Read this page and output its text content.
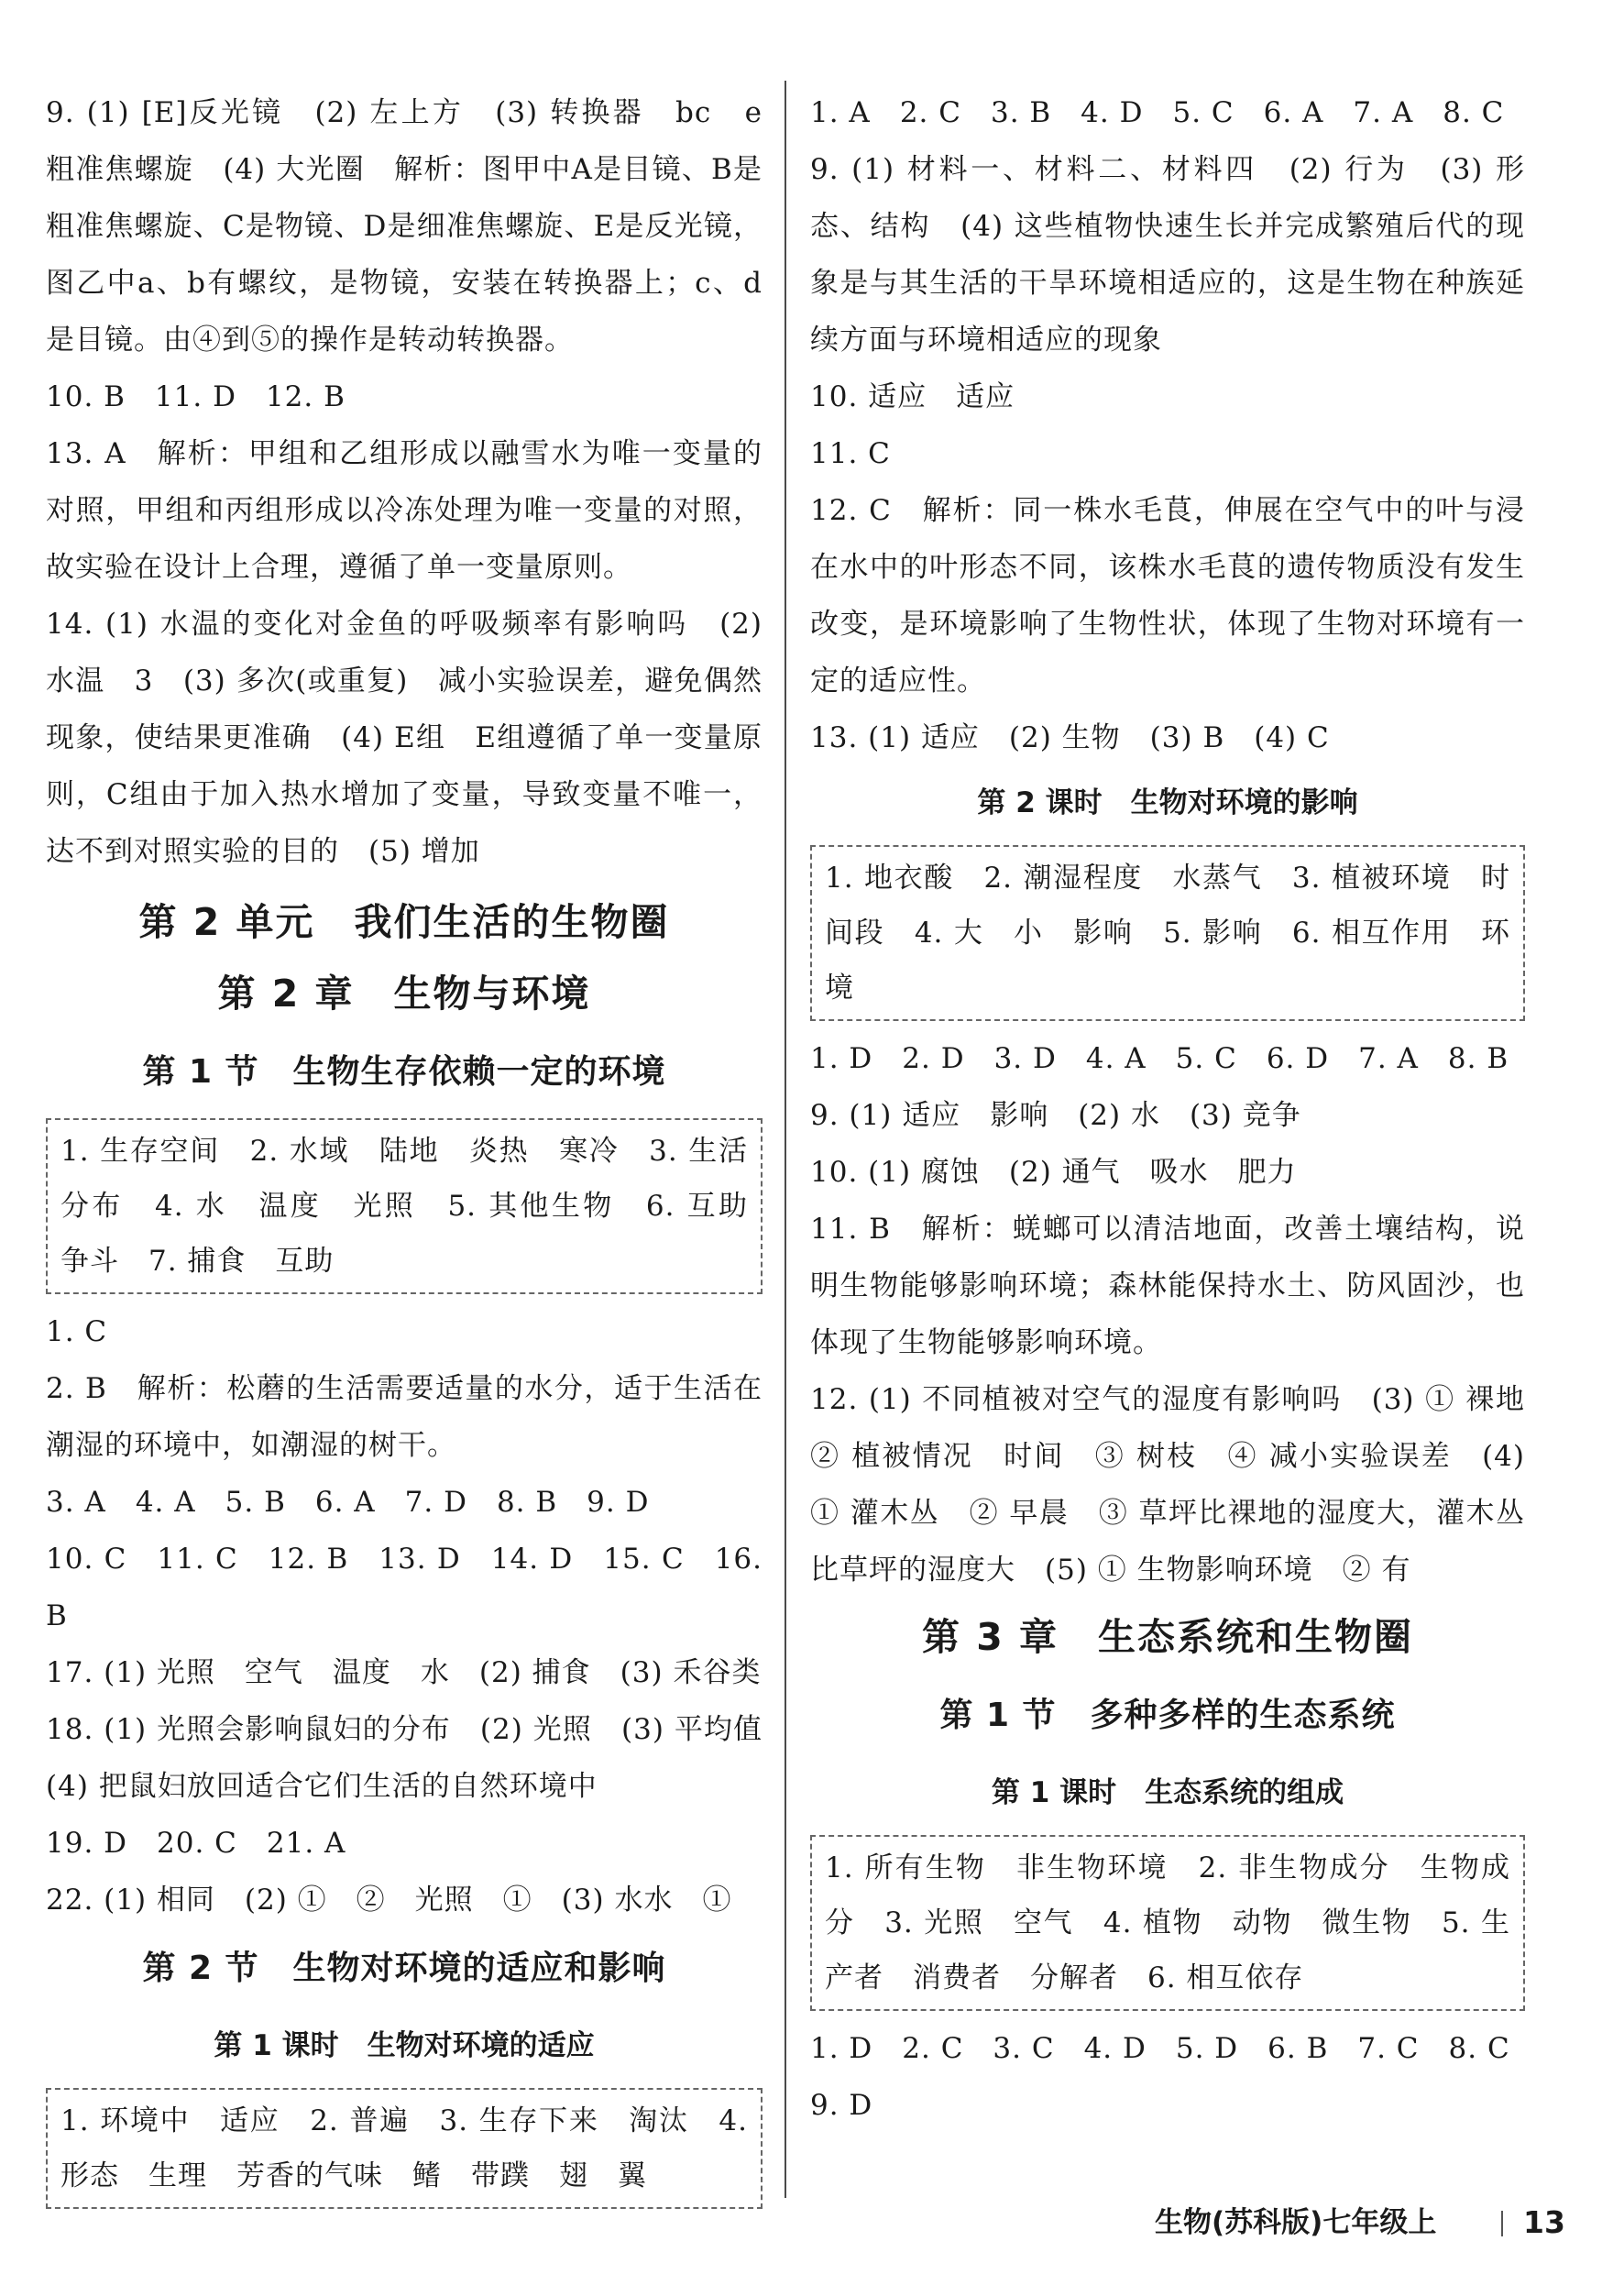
9. (1) [E]反光镜　(2) 左上方　(3) 转换器　bc　e　粗准焦螺旋　(4) 大光圈　解析：图甲中A是目镜、B是粗准焦螺旋、C是物镜、D是细准焦螺旋、E是反光镜，图乙中a、b有螺纹，是物镜，安装在转换器上；c、d是目镜。由④到⑤的操作是转动转换器。

10. B　11. D　12. B

13. A　解析：甲组和乙组形成以融雪水为唯一变量的对照，甲组和丙组形成以冷冻处理为唯一变量的对照，故实验在设计上合理，遵循了单一变量原则。

14. (1) 水温的变化对金鱼的呼吸频率有影响吗　(2) 水温　3　(3) 多次(或重复)　减小实验误差，避免偶然现象，使结果更准确　(4) E组　E组遵循了单一变量原则，C组由于加入热水增加了变量，导致变量不唯一，达不到对照实验的目的　(5) 增加

第 2 单元　我们生活的生物圈
第 2 章　生物与环境
第 1 节　生物生存依赖一定的环境

1. 生存空间　2. 水域　陆地　炎热　寒冷　3. 生活　分布　4. 水　温度　光照　5. 其他生物　6. 互助　争斗　7. 捕食　互助

1. C

2. B　解析：松蘑的生活需要适量的水分，适于生活在潮湿的环境中，如潮湿的树干。

3. A　4. A　5. B　6. A　7. D　8. B　9. D

10. C　11. C　12. B　13. D　14. D　15. C　16. B

17. (1) 光照　空气　温度　水　(2) 捕食　(3) 禾谷类

18. (1) 光照会影响鼠妇的分布　(2) 光照　(3) 平均值　(4) 把鼠妇放回适合它们生活的自然环境中

19. D　20. C　21. A

22. (1) 相同　(2) ①　②　光照　①　(3) 水水　①

第 2 节　生物对环境的适应和影响
第 1 课时　生物对环境的适应

1. 环境中　适应　2. 普遍　3. 生存下来　淘汰　4. 形态　生理　芳香的气味　鳍　带蹼　翅　翼

1. A　2. C　3. B　4. D　5. C　6. A　7. A　8. C

9. (1) 材料一、材料二、材料四　(2) 行为　(3) 形态、结构　(4) 这些植物快速生长并完成繁殖后代的现象是与其生活的干旱环境相适应的，这是生物在种族延续方面与环境相适应的现象

10. 适应　适应

11. C

12. C　解析：同一株水毛茛，伸展在空气中的叶与浸在水中的叶形态不同，该株水毛茛的遗传物质没有发生改变，是环境影响了生物性状，体现了生物对环境有一定的适应性。

13. (1) 适应　(2) 生物　(3) B　(4) C

第 2 课时　生物对环境的影响

1. 地衣酸　2. 潮湿程度　水蒸气　3. 植被环境　时间段　4. 大　小　影响　5. 影响　6. 相互作用　环境

1. D　2. D　3. D　4. A　5. C　6. D　7. A　8. B

9. (1) 适应　影响　(2) 水　(3) 竞争

10. (1) 腐蚀　(2) 通气　吸水　肥力

11. B　解析：蜣螂可以清洁地面，改善土壤结构，说明生物能够影响环境；森林能保持水土、防风固沙，也体现了生物能够影响环境。

12. (1) 不同植被对空气的湿度有影响吗　(3) ① 裸地　② 植被情况　时间　③ 树枝　④ 减小实验误差　(4) ① 灌木丛　② 早晨　③ 草坪比裸地的湿度大，灌木丛比草坪的湿度大　(5) ① 生物影响环境　② 有

第 3 章　生态系统和生物圈
第 1 节　多种多样的生态系统
第 1 课时　生态系统的组成

1. 所有生物　非生物环境　2. 非生物成分　生物成分　3. 光照　空气　4. 植物　动物　微生物　5. 生产者　消费者　分解者　6. 相互依存

1. D　2. C　3. C　4. D　5. D　6. B　7. C　8. C

9. D

生物(苏科版)七年级上	13
